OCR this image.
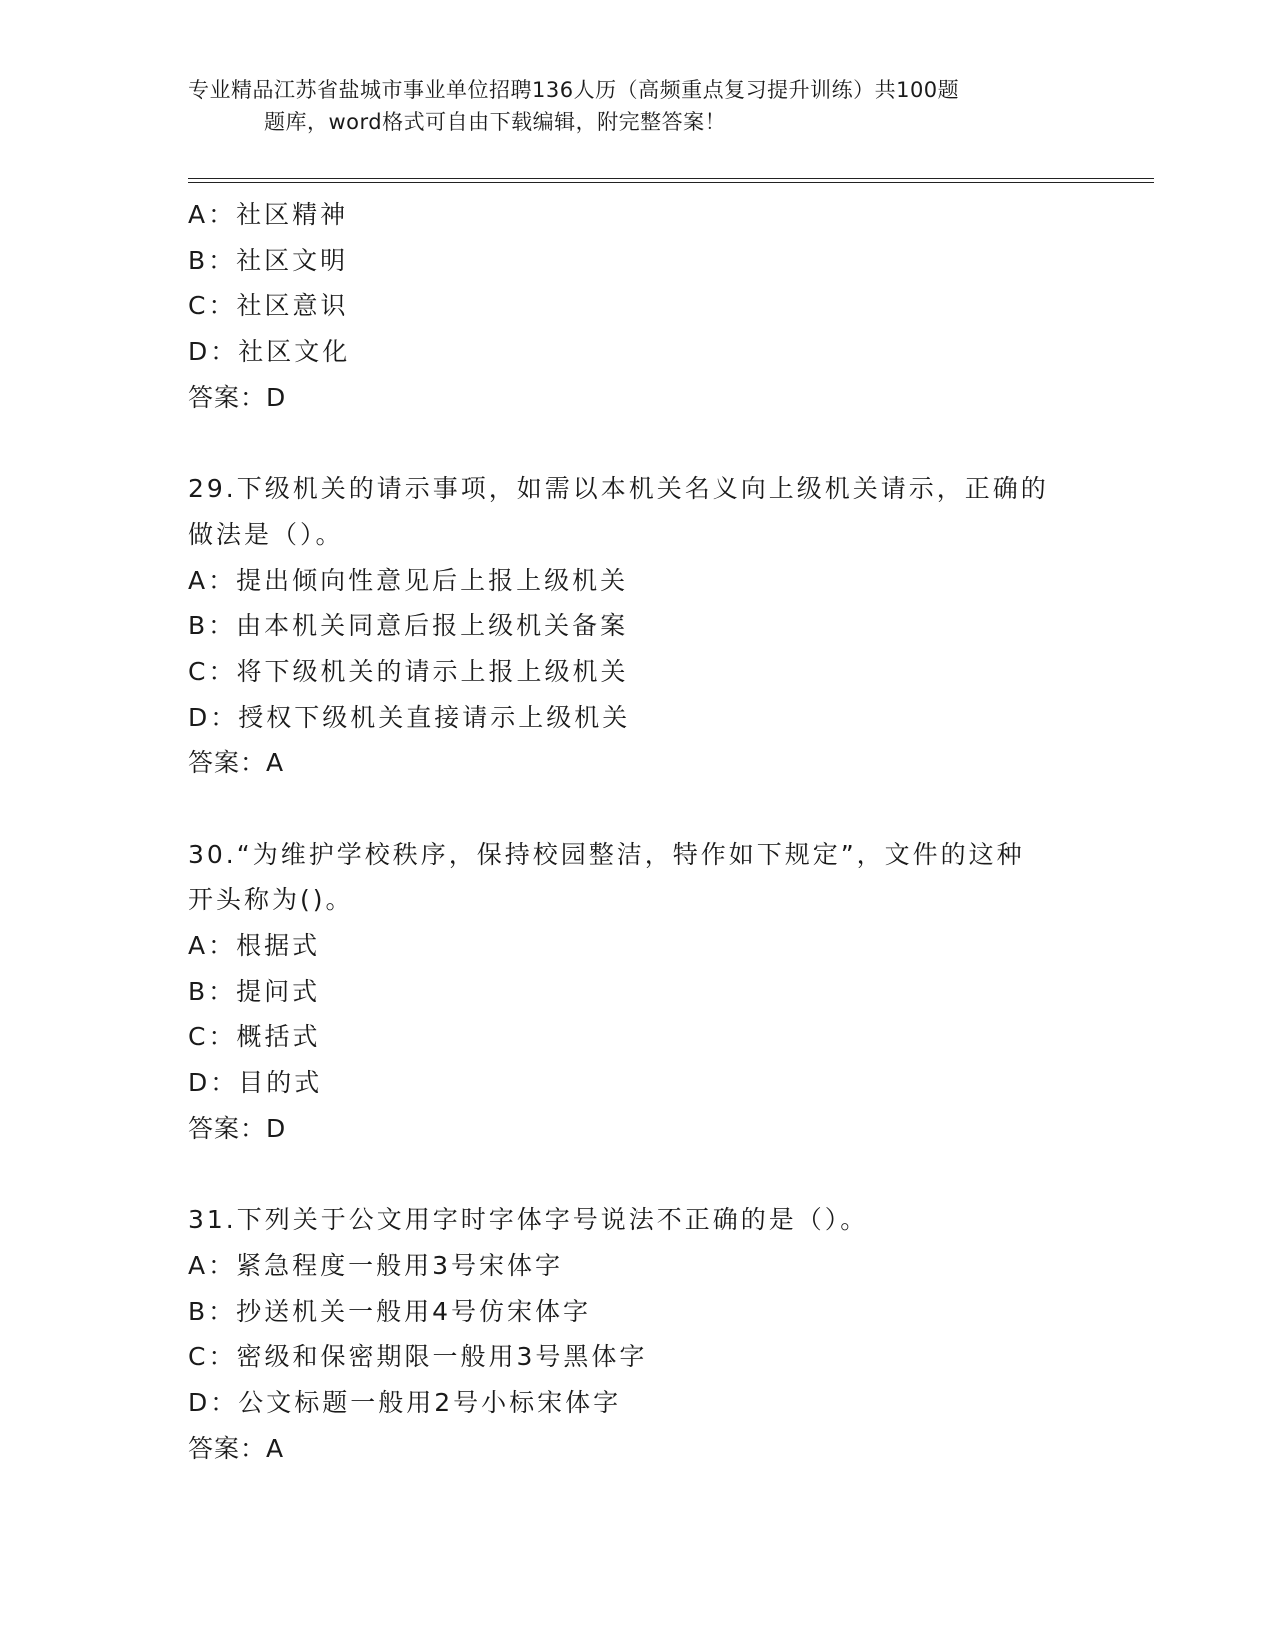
专业精品江苏省盐城市事业单位招聘136人历（高频重点复习提升训练）共100题
题库，word格式可自由下载编辑，附完整答案！
A：社区精神
B：社区文明
C：社区意识
D：社区文化
答案：D
29.下级机关的请示事项，如需以本机关名义向上级机关请示，正确的
做法是（）。
A：提出倾向性意见后上报上级机关
B：由本机关同意后报上级机关备案
C：将下级机关的请示上报上级机关
D：授权下级机关直接请示上级机关
答案：A
30.“为维护学校秩序，保持校园整洁，特作如下规定”，文件的这种
开头称为()。
A：根据式
B：提问式
C：概括式
D：目的式
答案：D
31.下列关于公文用字时字体字号说法不正确的是（）。
A：紧急程度一般用3号宋体字
B：抄送机关一般用4号仿宋体字
C：密级和保密期限一般用3号黑体字
D：公文标题一般用2号小标宋体字
答案：A
